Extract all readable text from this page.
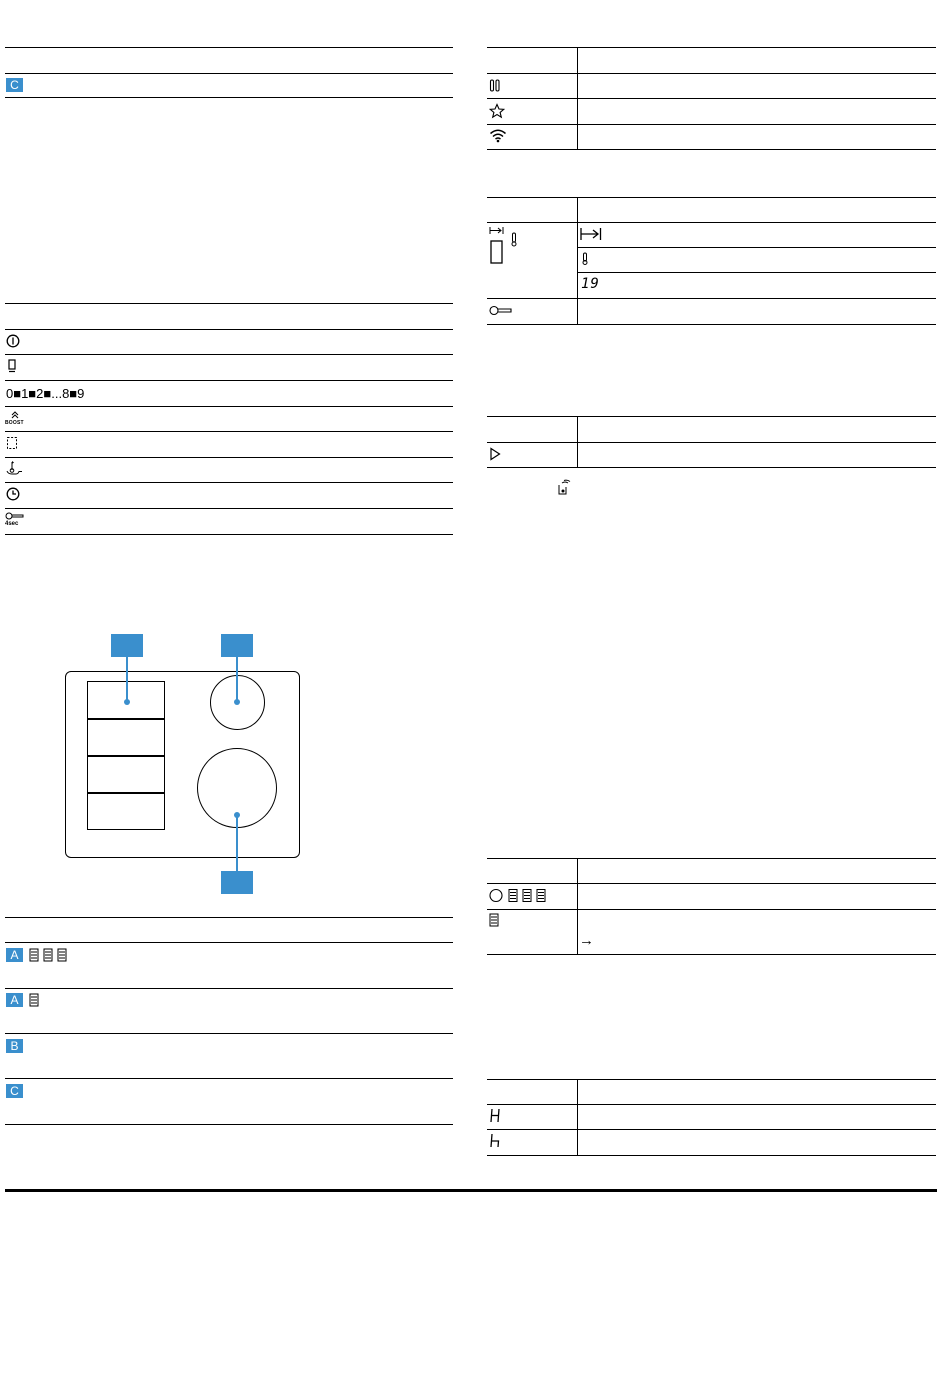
C
0■1■2■...8■9
BOOST
4sec
A
A
B
C
19
→
